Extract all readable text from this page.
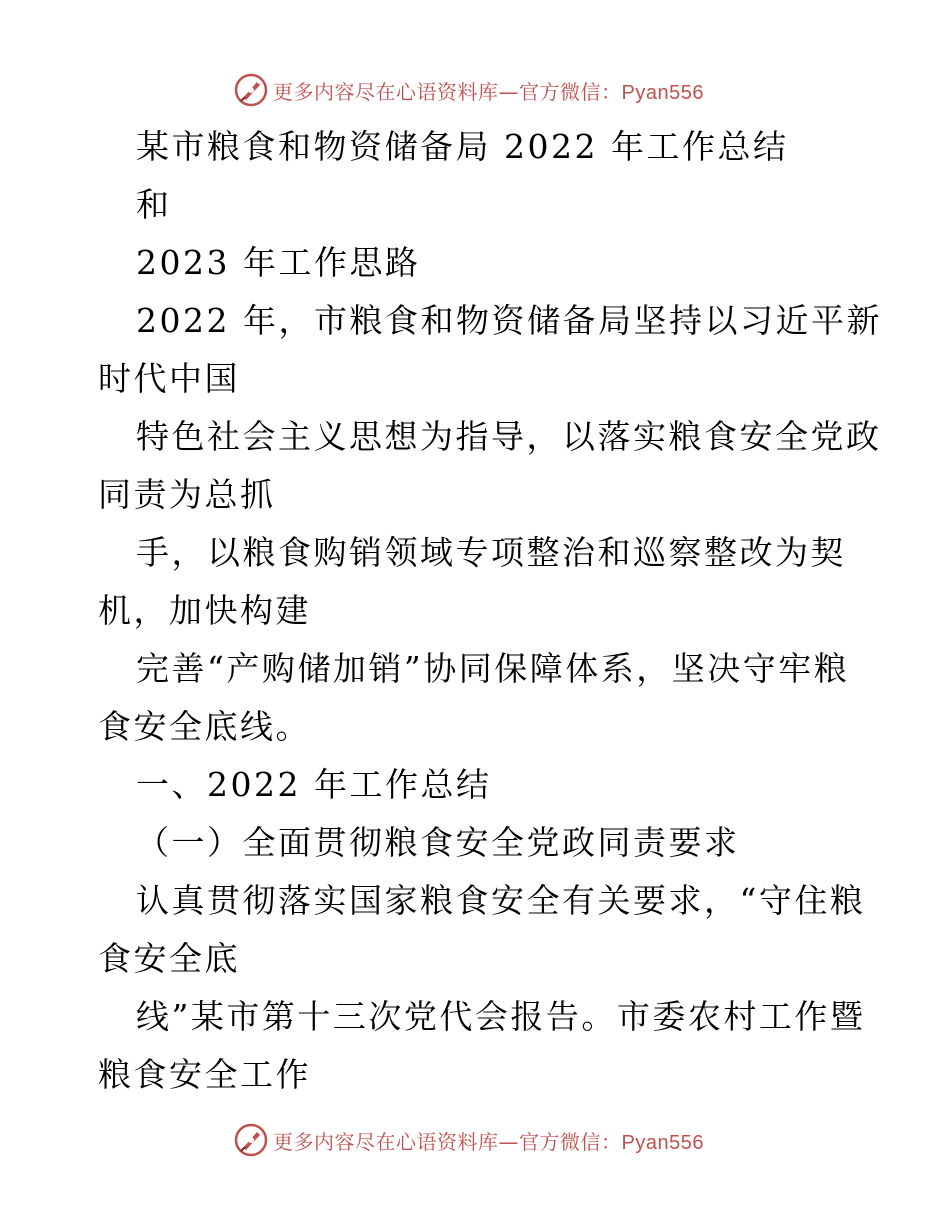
更多内容尽在心语资料库—官方微信：Pyan556
某市粮食和物资储备局 2022 年工作总结
和
2023 年工作思路
2022 年，市粮食和物资储备局坚持以习近平新
时代中国
特色社会主义思想为指导，以落实粮食安全党政
同责为总抓
手，以粮食购销领域专项整治和巡察整改为契
机，加快构建
完善“产购储加销”协同保障体系，坚决守牢粮
食安全底线。
一、2022 年工作总结
（一）全面贯彻粮食安全党政同责要求
认真贯彻落实国家粮食安全有关要求，“守住粮
食安全底
线”某市第十三次党代会报告。市委农村工作暨
粮食安全工作
更多内容尽在心语资料库—官方微信：Pyan556
